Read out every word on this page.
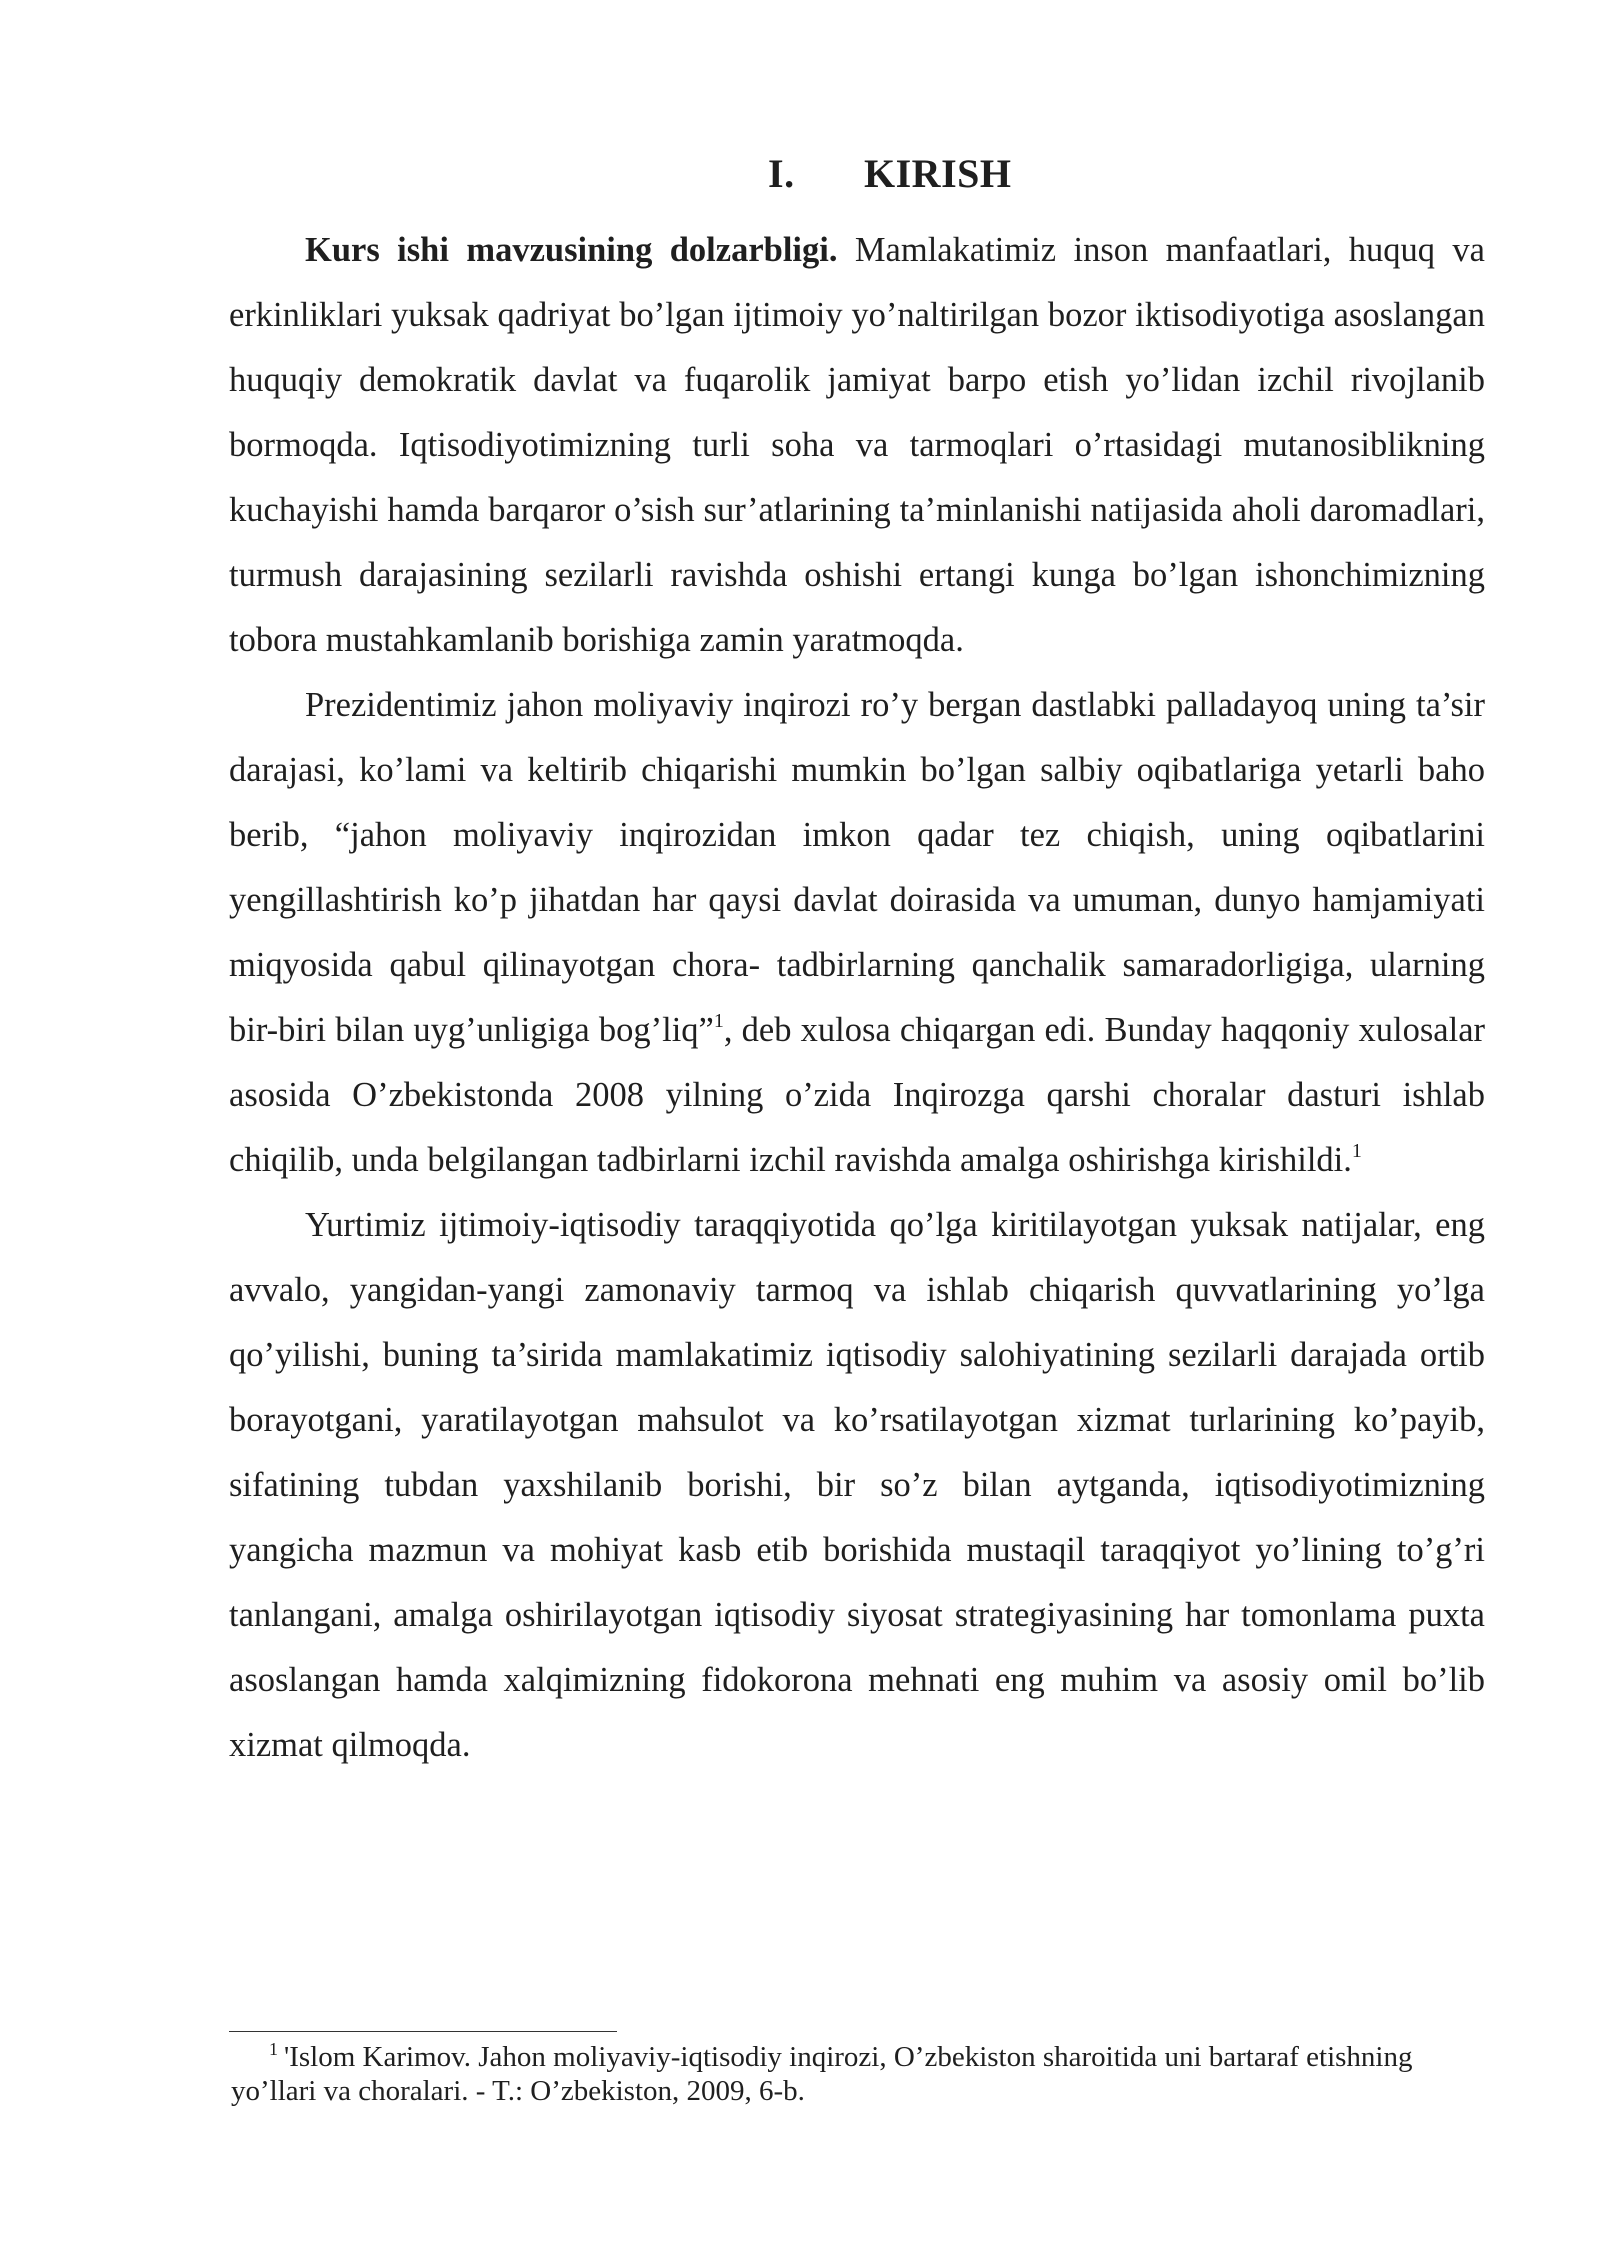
I. KIRISH

Kurs ishi mavzusining dolzarbligi. Mamlakatimiz inson manfaatlari, huquq va erkinliklari yuksak qadriyat bo’lgan ijtimoiy yo’naltirilgan bozor iktisodiyotiga asoslangan huquqiy demokratik davlat va fuqarolik jamiyat barpo etish yo’lidan izchil rivojlanib bormoqda. Iqtisodiyotimizning turli soha va tarmoqlari o’rtasidagi mutanosiblikning kuchayishi hamda barqaror o’sish sur’atlarining ta’minlanishi natijasida aholi daromadlari, turmush darajasining sezilarli ravishda oshishi ertangi kunga bo’lgan ishonchimizning tobora mustahkamlanib borishiga zamin yaratmoqda.

Prezidentimiz jahon moliyaviy inqirozi ro’y bergan dastlabki palladayoq uning ta’sir darajasi, ko’lami va keltirib chiqarishi mumkin bo’lgan salbiy oqibatlariga yetarli baho berib, “jahon moliyaviy inqirozidan imkon qadar tez chiqish, uning oqibatlarini yengillashtirish ko’p jihatdan har qaysi davlat doirasida va umuman, dunyo hamjamiyati miqyosida qabul qilinayotgan chora- tadbirlarning qanchalik samaradorligiga, ularning bir-biri bilan uyg’unligiga bog’liq”$^1$, deb xulosa chiqargan edi. Bunday haqqoniy xulosalar asosida O’zbekistonda 2008 yilning o’zida Inqirozga qarshi choralar dasturi ishlab chiqilib, unda belgilangan tadbirlarni izchil ravishda amalga oshirishga kirishildi.$^1$

Yurtimiz ijtimoiy-iqtisodiy taraqqiyotida qo’lga kiritilayotgan yuksak natijalar, eng avvalo, yangidan-yangi zamonaviy tarmoq va ishlab chiqarish quvvatlarining yo’lga qo’yilishi, buning ta’sirida mamlakatimiz iqtisodiy salohiyatining sezilarli darajada ortib borayotgani, yaratilayotgan mahsulot va ko’rsatilayotgan xizmat turlarining ko’payib, sifatining tubdan yaxshilanib borishi, bir so’z bilan aytganda, iqtisodiyotimizning yangicha mazmun va mohiyat kasb etib borishida mustaqil taraqqiyot yo’lining to’g’ri tanlangani, amalga oshirilayotgan iqtisodiy siyosat strategiyasining har tomonlama puxta asoslangan hamda xalqimizning fidokorona mehnati eng muhim va asosiy omil bo’lib xizmat qilmoqda.

$^1$ 'Islom Karimov. Jahon moliyaviy-iqtisodiy inqirozi, O’zbekiston sharoitida uni bartaraf etishning yo’llari va choralari. - T.: O’zbekiston, 2009, 6-b.
